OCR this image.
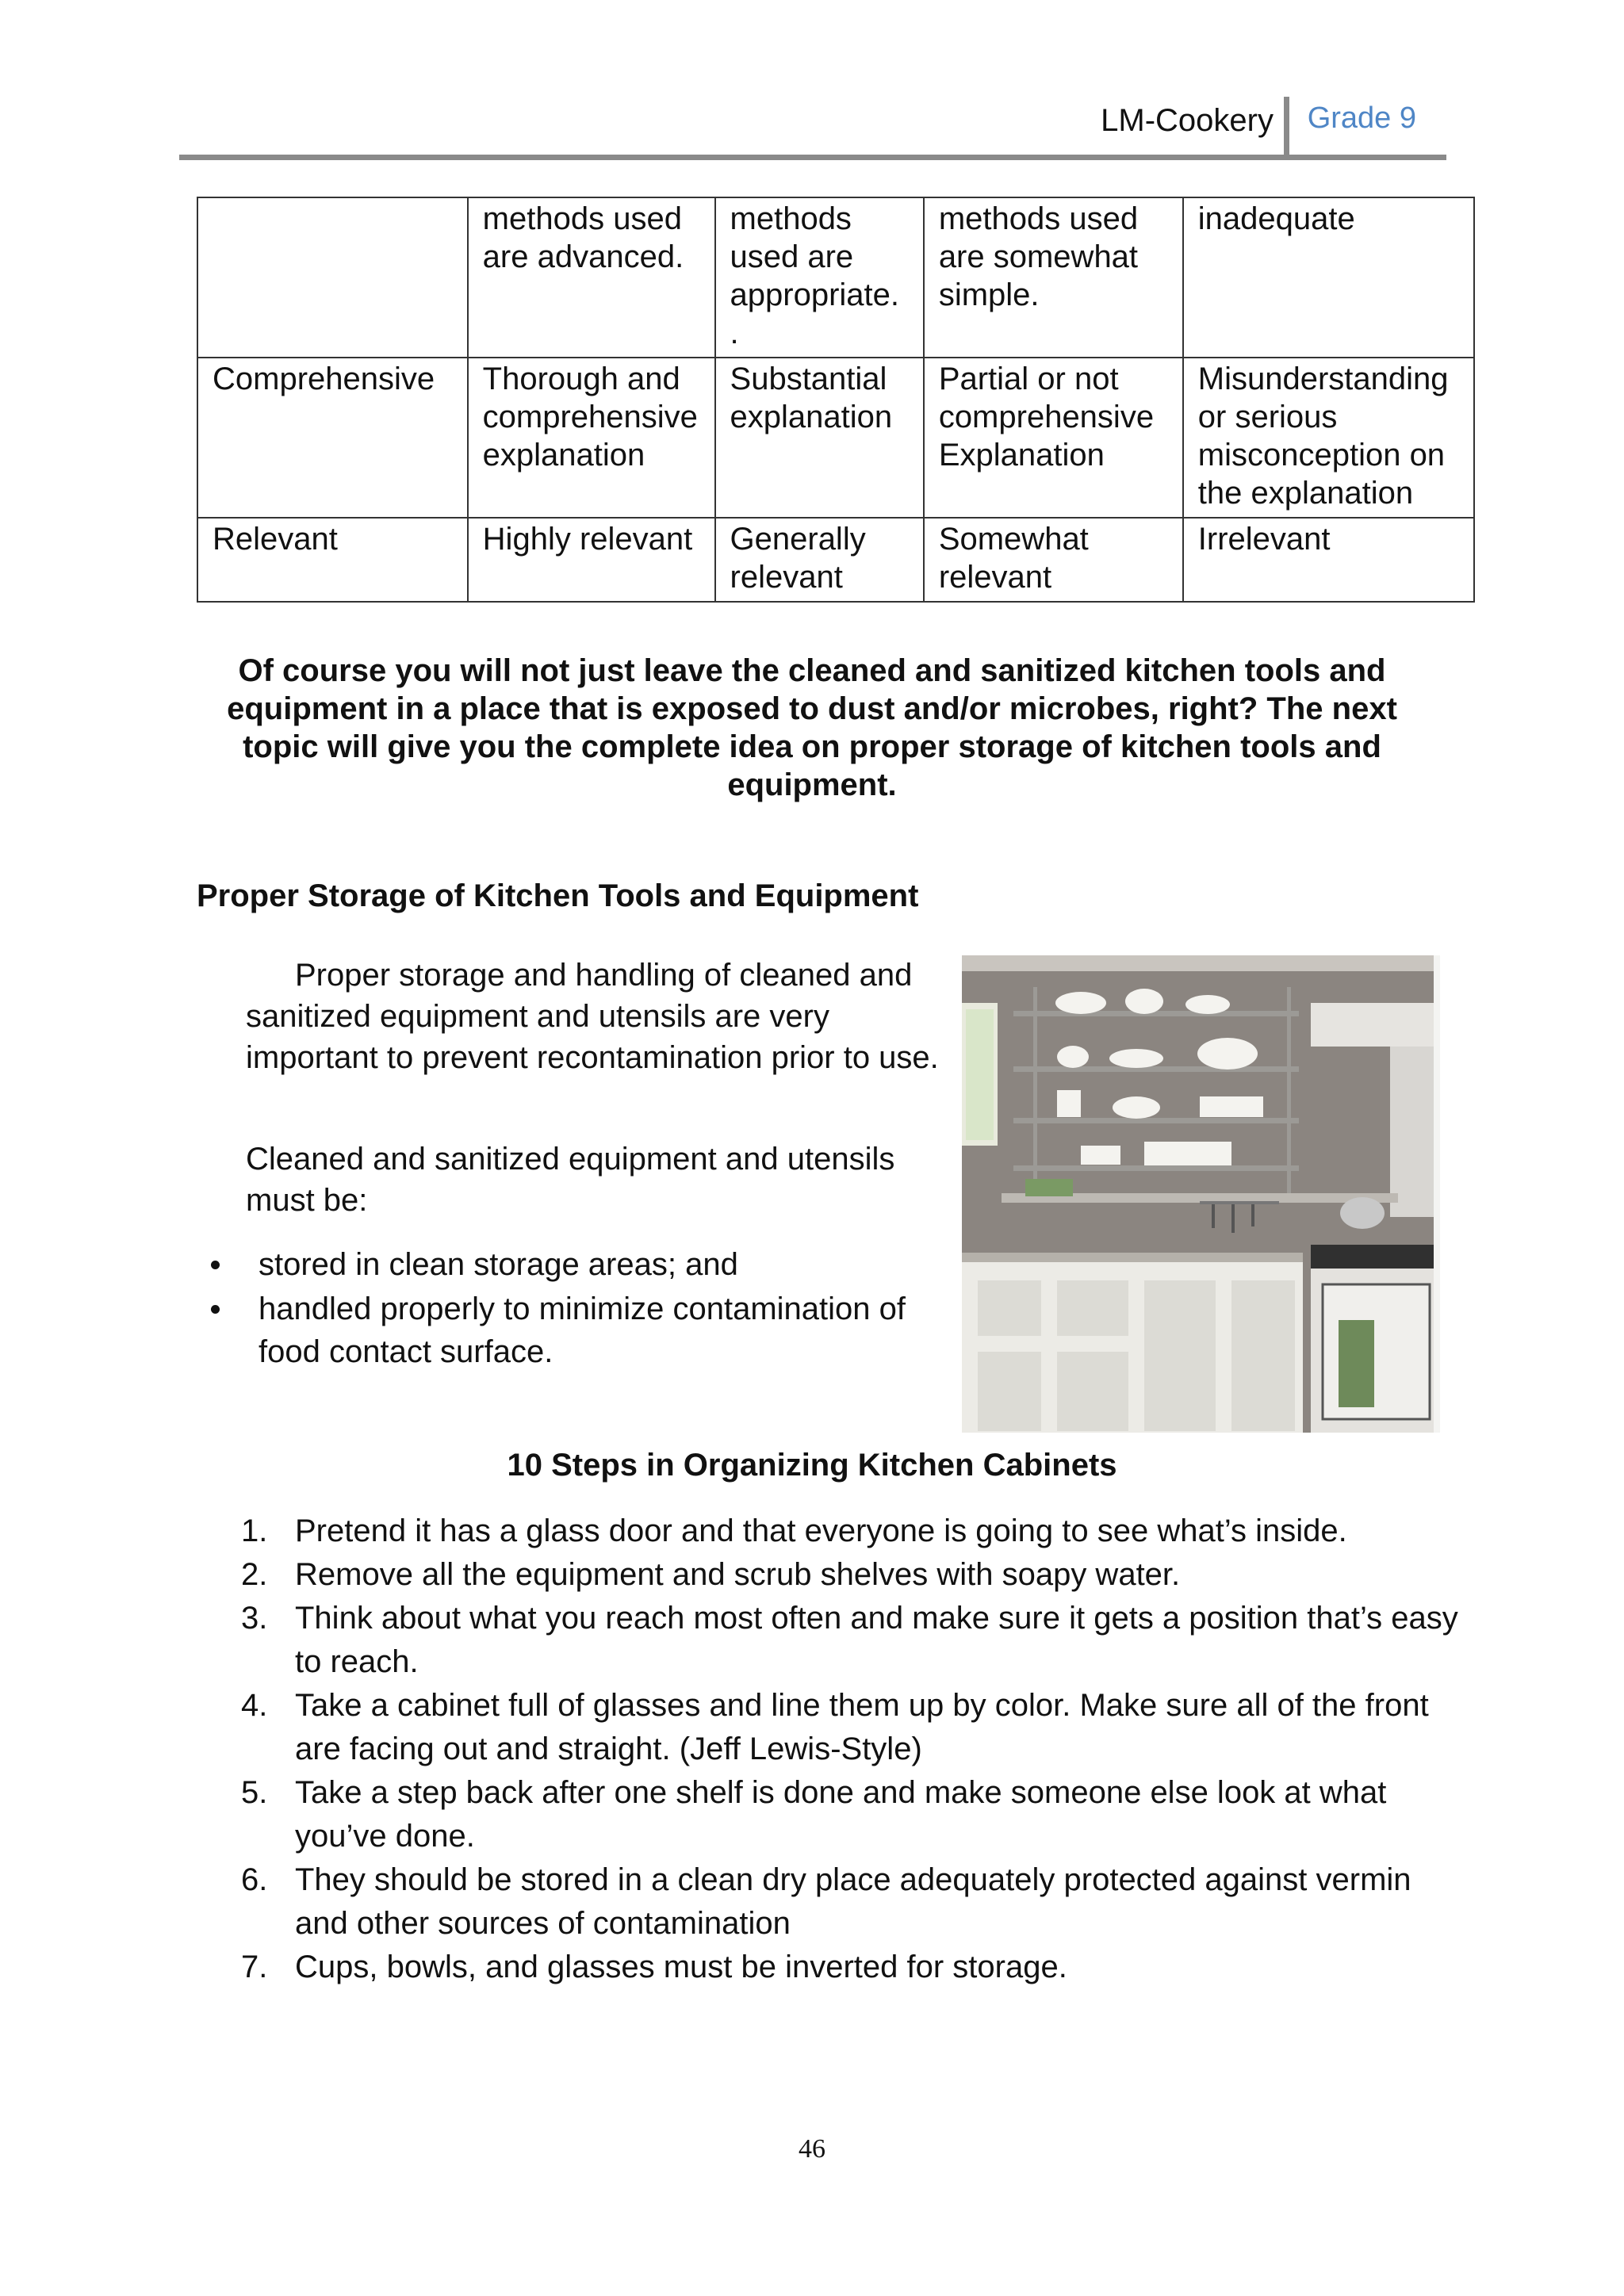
LM-Cookery Grade 9
	methods used are advanced.	methods used are appropriate. .	methods used are somewhat simple.	inadequate
Comprehensive	Thorough and comprehensive explanation	Substantial explanation	Partial or not comprehensive Explanation	Misunderstanding or serious misconception on the explanation
Relevant	Highly relevant	Generally relevant	Somewhat relevant	Irrelevant
Of course you will not just leave the cleaned and sanitized kitchen tools and equipment in a place that is exposed to dust and/or microbes, right? The next topic will give you the complete idea on proper storage of kitchen tools and equipment.
Proper Storage of Kitchen Tools and Equipment
Proper storage and handling of cleaned and sanitized equipment and utensils are very important to prevent recontamination prior to use.
Cleaned and sanitized equipment and utensils must be:
stored in clean storage areas; and
handled properly to minimize contamination of food contact surface.
10 Steps in Organizing Kitchen Cabinets
1. Pretend it has a glass door and that everyone is going to see what’s inside.
2. Remove all the equipment and scrub shelves with soapy water.
3. Think about what you reach most often and make sure it gets a position that’s easy to reach.
4. Take a cabinet full of glasses and line them up by color. Make sure all of the front are facing out and straight. (Jeff Lewis-Style)
5. Take a step back after one shelf is done and make someone else look at what you’ve done.
6. They should be stored in a clean dry place adequately protected against vermin and other sources of contamination
7. Cups, bowls, and glasses must be inverted for storage.
46
